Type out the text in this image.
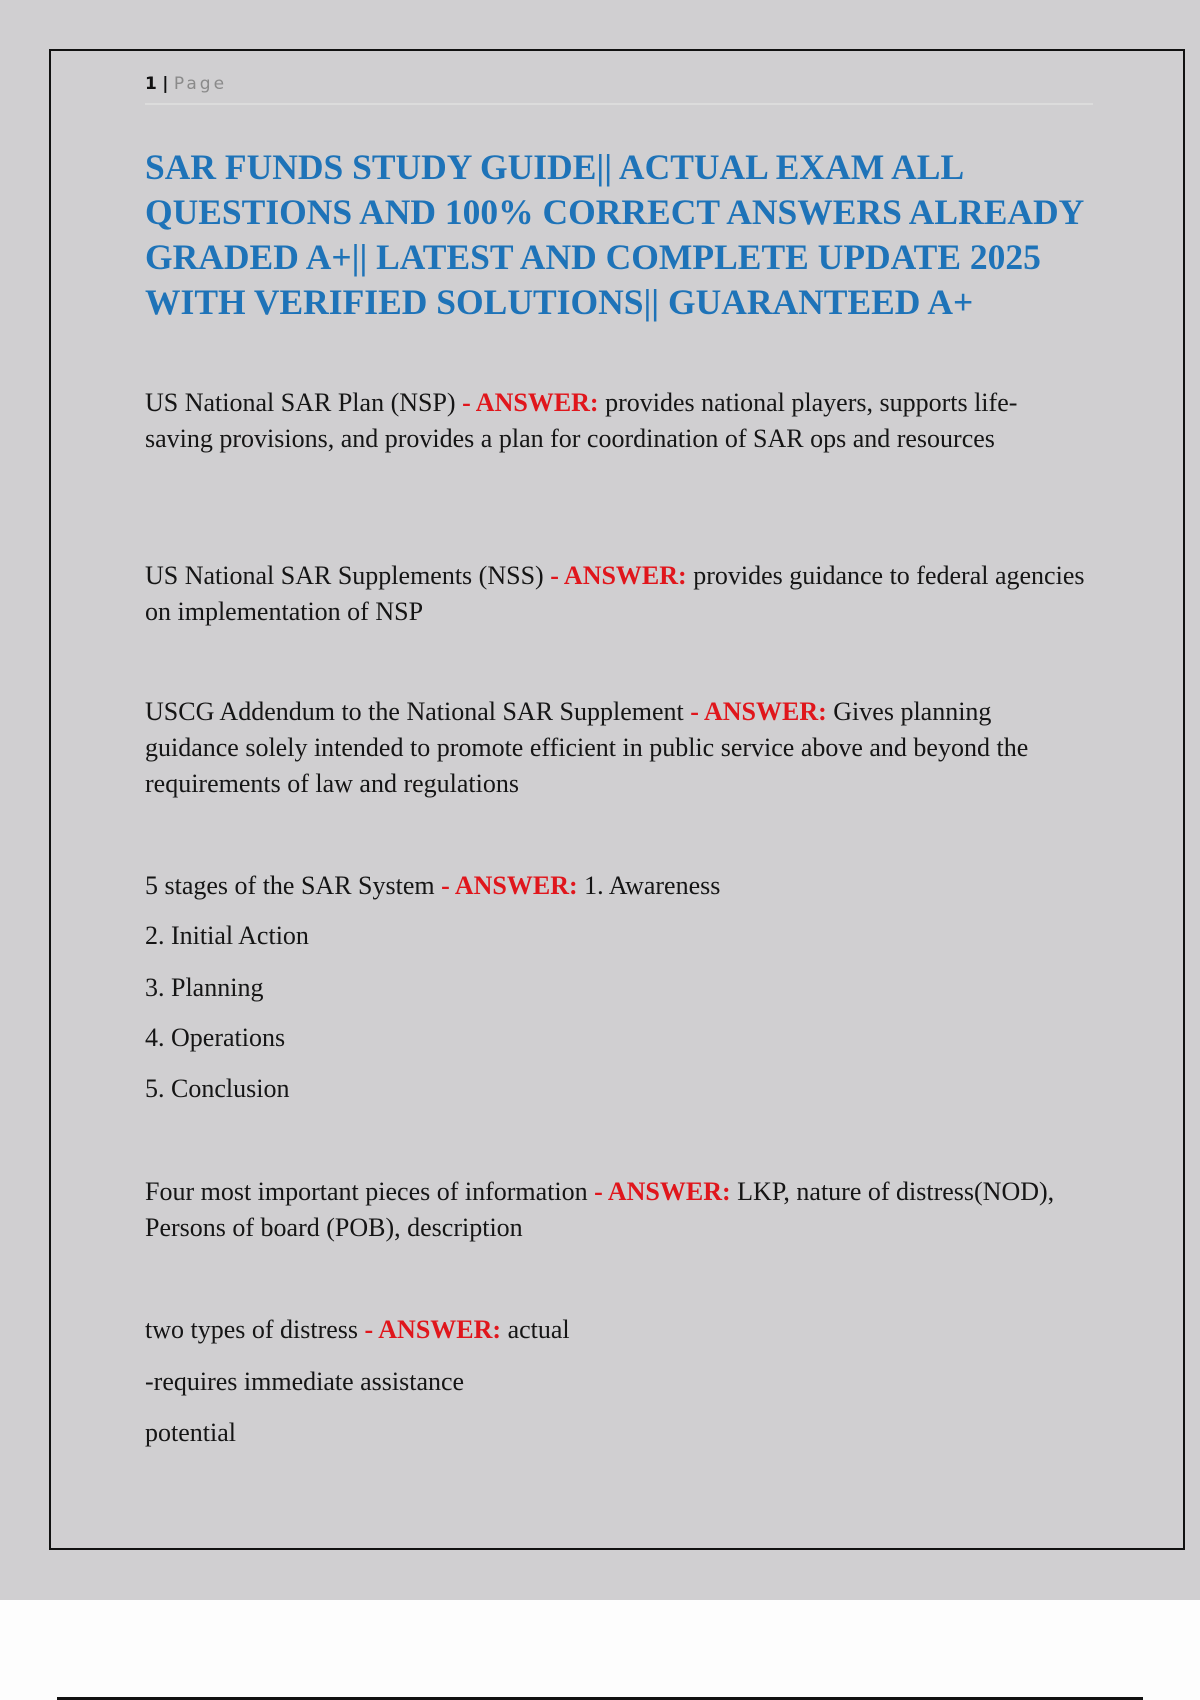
1 | Page
SAR FUNDS STUDY GUIDE|| ACTUAL EXAM ALL QUESTIONS AND 100% CORRECT ANSWERS ALREADY GRADED A+|| LATEST AND COMPLETE UPDATE 2025 WITH VERIFIED SOLUTIONS|| GUARANTEED A+
US National SAR Plan (NSP) - ANSWER: provides national players, supports life-saving provisions, and provides a plan for coordination of SAR ops and resources
US National SAR Supplements (NSS) - ANSWER: provides guidance to federal agencies on implementation of NSP
USCG Addendum to the National SAR Supplement - ANSWER: Gives planning guidance solely intended to promote efficient in public service above and beyond the requirements of law and regulations
5 stages of the SAR System - ANSWER: 1. Awareness
2. Initial Action
3. Planning
4. Operations
5. Conclusion
Four most important pieces of information - ANSWER: LKP, nature of distress(NOD), Persons of board (POB), description
two types of distress - ANSWER: actual
-requires immediate assistance
potential
